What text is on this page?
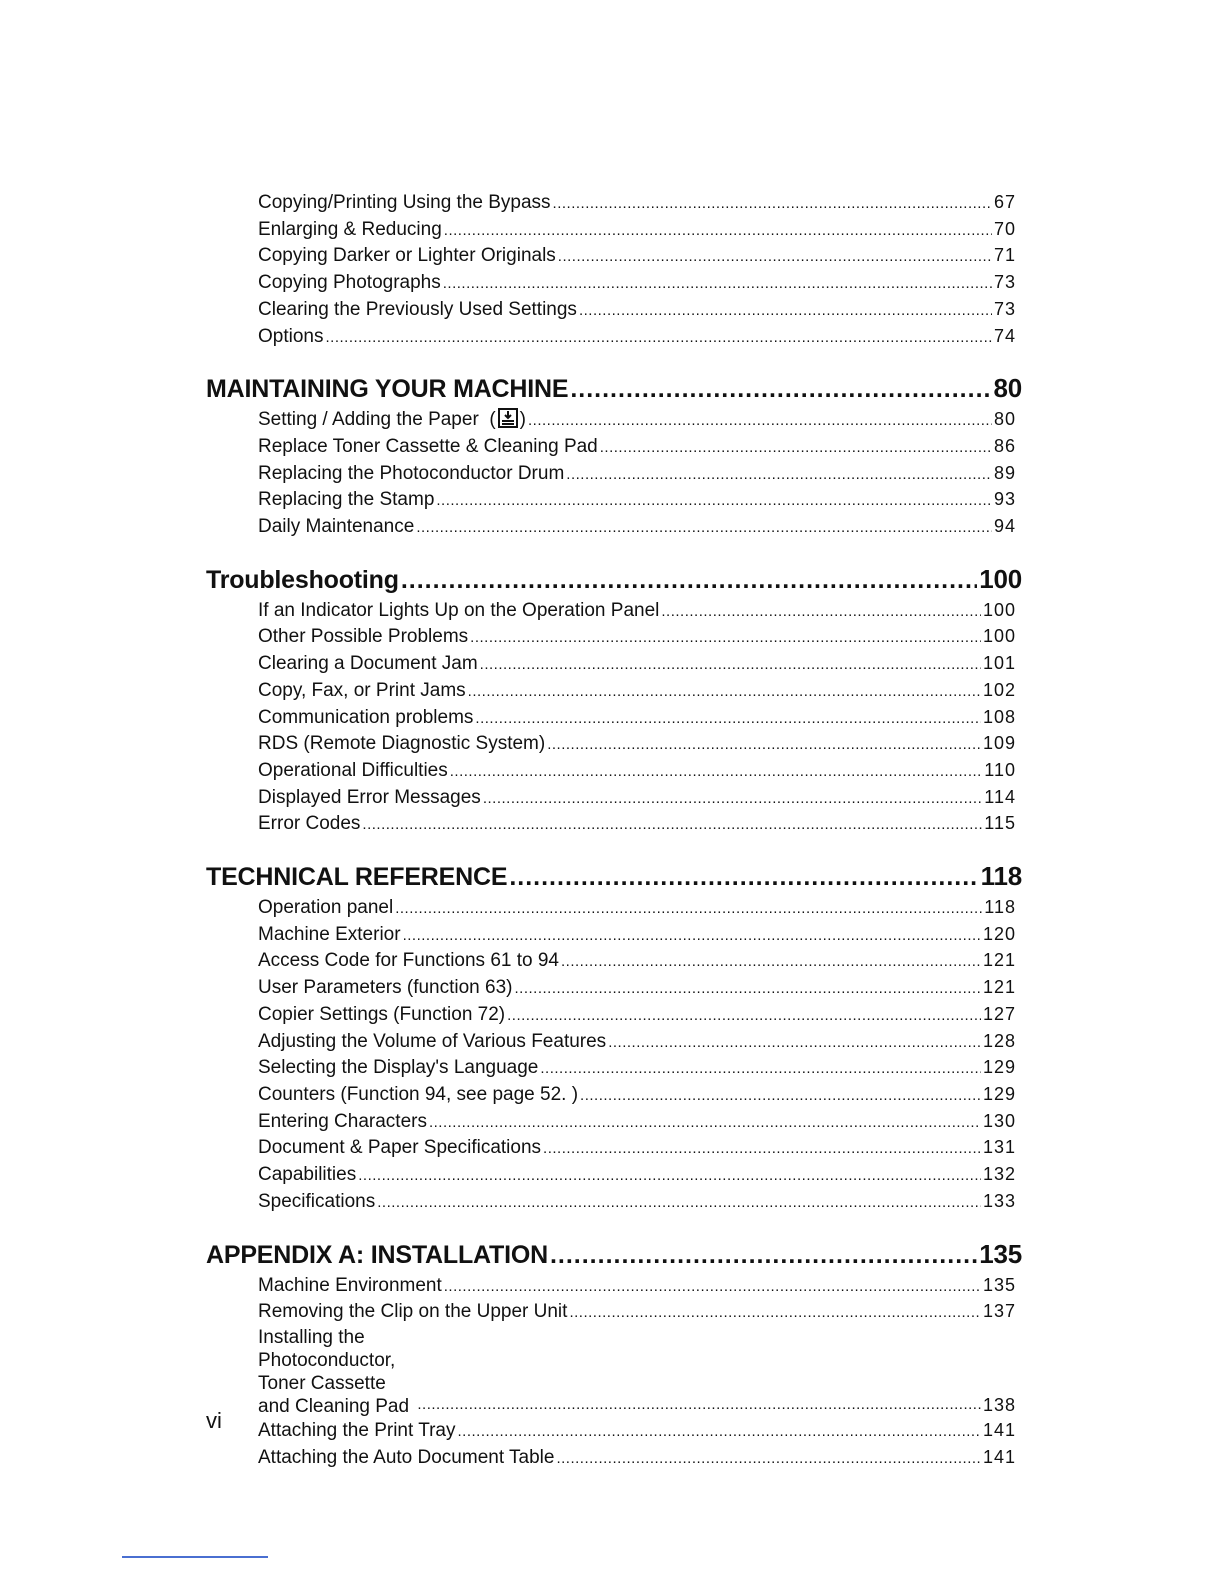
Copying/Printing Using the Bypass .....	67
Enlarging & Reducing .....	70
Copying Darker or Lighter Originals .....	71
Copying Photographs .....	73
Clearing the Previously Used Settings .....	73
Options .....	74
MAINTAINING YOUR MACHINE .....	80
Setting / Adding the Paper  ( ) .....	80
Replace Toner Cassette & Cleaning Pad .....	86
Replacing the Photoconductor Drum .....	89
Replacing the Stamp .....	93
Daily Maintenance .....	94
Troubleshooting .....	100
If an Indicator Lights Up on the Operation Panel .....	100
Other Possible Problems .....	100
Clearing a Document Jam .....	101
Copy, Fax, or Print Jams .....	102
Communication problems .....	108
RDS (Remote Diagnostic System) .....	109
Operational Difficulties .....	110
Displayed Error Messages .....	114
Error Codes .....	115
TECHNICAL REFERENCE .....	118
Operation panel .....	118
Machine Exterior .....	120
Access Code for Functions 61 to 94 .....	121
User Parameters (function 63) .....	121
Copier Settings (Function 72) .....	127
Adjusting the Volume of Various Features .....	128
Selecting the Display's Language .....	129
Counters (Function 94, see page 52. ) .....	129
Entering Characters .....	130
Document & Paper Specifications .....	131
Capabilities .....	132
Specifications .....	133
APPENDIX A: INSTALLATION .....	135
Machine Environment .....	135
Removing the Clip on the Upper Unit .....	137
Installing the Photoconductor,
Toner Cassette and Cleaning Pad .....	138
Attaching the Print Tray .....	141
Attaching the Auto Document Table .....	141
vi
